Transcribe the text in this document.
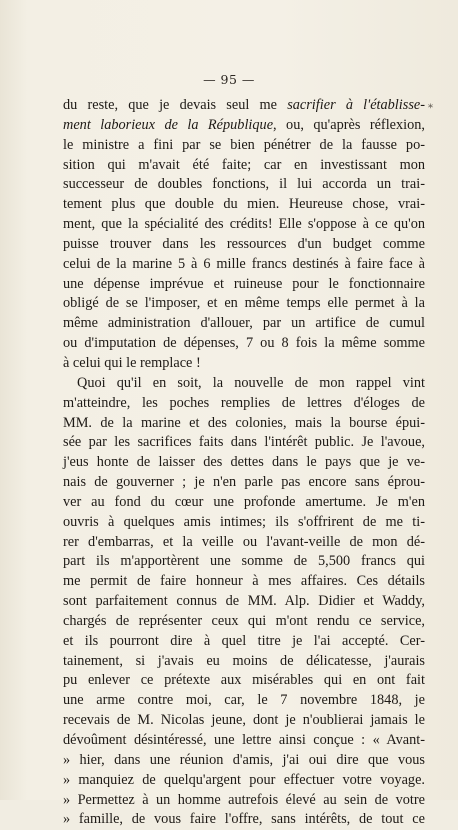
— 95 —
*
du reste, que je devais seul me sacrifier à l'établisse-
ment laborieux de la République, ou, qu'après réflexion,
le ministre a fini par se bien pénétrer de la fausse po-
sition qui m'avait été faite; car en investissant mon
successeur de doubles fonctions, il lui accorda un trai-
tement plus que double du mien. Heureuse chose, vrai-
ment, que la spécialité des crédits! Elle s'oppose à ce qu'on
puisse trouver dans les ressources d'un budget comme
celui de la marine 5 à 6 mille francs destinés à faire face à
une dépense imprévue et ruineuse pour le fonctionnaire
obligé de se l'imposer, et en même temps elle permet à la
même administration d'allouer, par un artifice de cumul
ou d'imputation de dépenses, 7 ou 8 fois la même somme
à celui qui le remplace !
Quoi qu'il en soit, la nouvelle de mon rappel vint
m'atteindre, les poches remplies de lettres d'éloges de
MM. de la marine et des colonies, mais la bourse épui-
sée par les sacrifices faits dans l'intérêt public. Je l'avoue,
j'eus honte de laisser des dettes dans le pays que je ve-
nais de gouverner ; je n'en parle pas encore sans éprou-
ver au fond du cœur une profonde amertume. Je m'en
ouvris à quelques amis intimes; ils s'offrirent de me ti-
rer d'embarras, et la veille ou l'avant-veille de mon dé-
part ils m'apportèrent une somme de 5,500 francs qui
me permit de faire honneur à mes affaires. Ces détails
sont parfaitement connus de MM. Alp. Didier et Waddy,
chargés de représenter ceux qui m'ont rendu ce service,
et ils pourront dire à quel titre je l'ai accepté. Cer-
tainement, si j'avais eu moins de délicatesse, j'aurais
pu enlever ce prétexte aux misérables qui en ont fait
une arme contre moi, car, le 7 novembre 1848, je
recevais de M. Nicolas jeune, dont je n'oublierai jamais le
dévoûment désintéressé, une lettre ainsi conçue : « Avant-
» hier, dans une réunion d'amis, j'ai oui dire que vous
» manquiez de quelqu'argent pour effectuer votre voyage.
» Permettez à un homme autrefois élevé au sein de votre
» famille, de vous faire l'offre, sans intérêts, de tout ce
